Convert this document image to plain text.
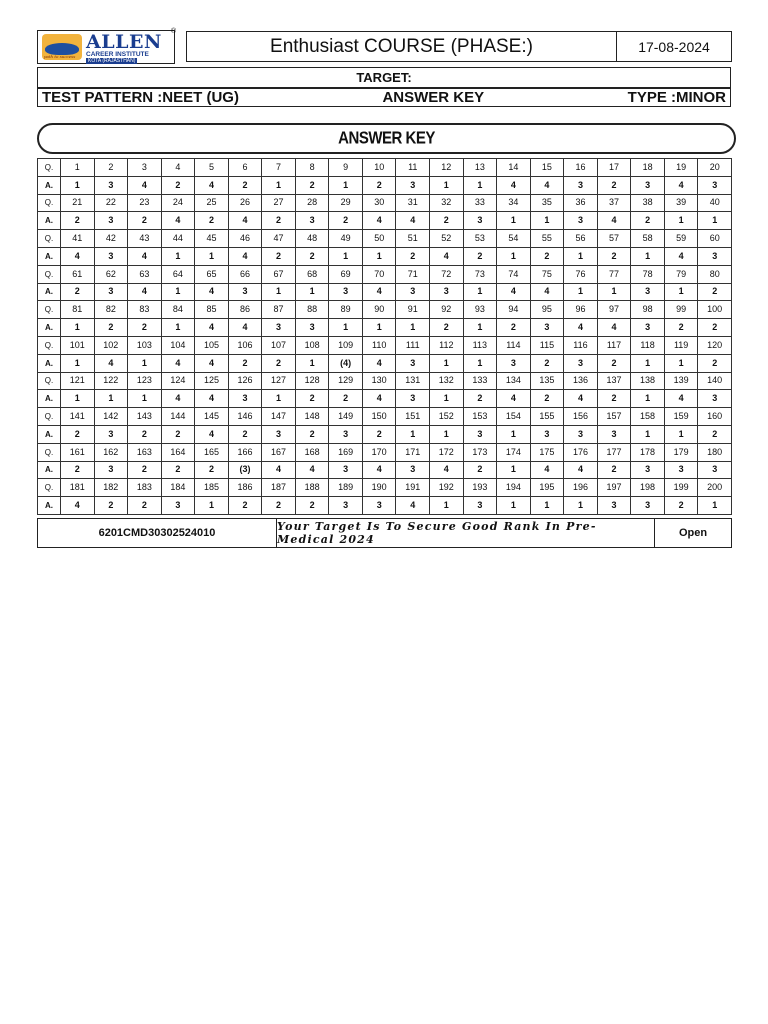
path to success
ALLEN
CAREER INSTITUTE
KOTA (RAJASTHAN)
®
Enthusiast COURSE (PHASE:)	17-08-2024
TARGET:
TEST PATTERN :NEET (UG)	ANSWER KEY	TYPE :MINOR
ANSWER KEY
Q.	1	2	3	4	5	6	7	8	9	10	11	12	13	14	15	16	17	18	19	20
A.	1	3	4	2	4	2	1	2	1	2	3	1	1	4	4	3	2	3	4	3
Q.	21	22	23	24	25	26	27	28	29	30	31	32	33	34	35	36	37	38	39	40
A.	2	3	2	4	2	4	2	3	2	4	4	2	3	1	1	3	4	2	1	1
Q.	41	42	43	44	45	46	47	48	49	50	51	52	53	54	55	56	57	58	59	60
A.	4	3	4	1	1	4	2	2	1	1	2	4	2	1	2	1	2	1	4	3
Q.	61	62	63	64	65	66	67	68	69	70	71	72	73	74	75	76	77	78	79	80
A.	2	3	4	1	4	3	1	1	3	4	3	3	1	4	4	1	1	3	1	2
Q.	81	82	83	84	85	86	87	88	89	90	91	92	93	94	95	96	97	98	99	100
A.	1	2	2	1	4	4	3	3	1	1	1	2	1	2	3	4	4	3	2	2
Q.	101	102	103	104	105	106	107	108	109	110	111	112	113	114	115	116	117	118	119	120
A.	1	4	1	4	4	2	2	1	(4)	4	3	1	1	3	2	3	2	1	1	2
Q.	121	122	123	124	125	126	127	128	129	130	131	132	133	134	135	136	137	138	139	140
A.	1	1	1	4	4	3	1	2	2	4	3	1	2	4	2	4	2	1	4	3
Q.	141	142	143	144	145	146	147	148	149	150	151	152	153	154	155	156	157	158	159	160
A.	2	3	2	2	4	2	3	2	3	2	1	1	3	1	3	3	3	1	1	2
Q.	161	162	163	164	165	166	167	168	169	170	171	172	173	174	175	176	177	178	179	180
A.	2	3	2	2	2	(3)	4	4	3	4	3	4	2	1	4	4	2	3	3	3
Q.	181	182	183	184	185	186	187	188	189	190	191	192	193	194	195	196	197	198	199	200
A.	4	2	2	3	1	2	2	2	3	3	4	1	3	1	1	1	3	3	2	1
6201CMD30302524010	Your Target Is To Secure Good Rank In Pre-Medical 2024	Open
